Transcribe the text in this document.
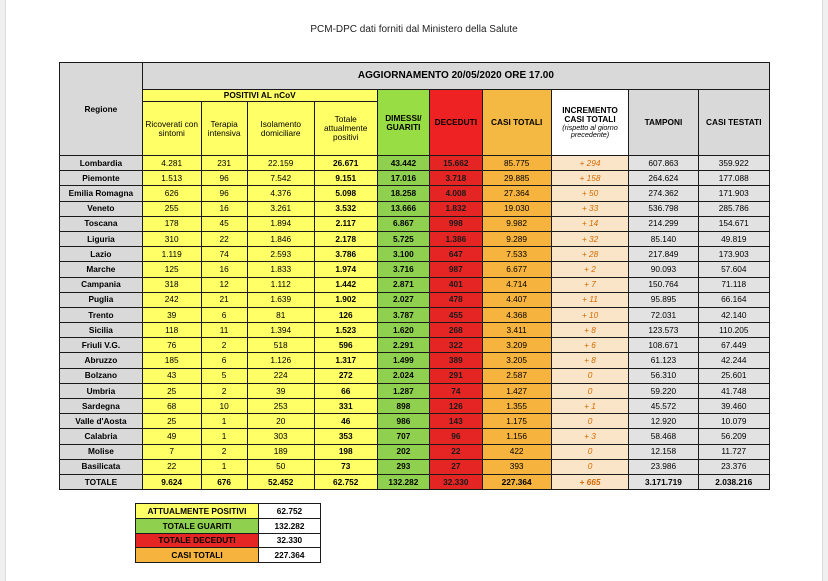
PCM-DPC dati forniti dal Ministero della Salute
Regione	AGGIORNAMENTO 20/05/2020 ORE 17.00									
	POSITIVI AL nCoV				DIMESSI/ GUARITI	DECEDUTI	CASI TOTALI	INCREMENTO CASI TOTALI
(rispetto al giorno precedente)	TAMPONI	CASI TESTATI
	Ricoverati con sintomi	Terapia intensiva	Isolamento domiciliare	Totale attualmente positivi						
Lombardia	4.281	231	22.159	26.671	43.442	15.662	85.775	+ 294	607.863	359.922
Piemonte	1.513	96	7.542	9.151	17.016	3.718	29.885	+ 158	264.624	177.088
Emilia Romagna	626	96	4.376	5.098	18.258	4.008	27.364	+ 50	274.362	171.903
Veneto	255	16	3.261	3.532	13.666	1.832	19.030	+ 33	536.798	285.786
Toscana	178	45	1.894	2.117	6.867	998	9.982	+ 14	214.299	154.671
Liguria	310	22	1.846	2.178	5.725	1.386	9.289	+ 32	85.140	49.819
Lazio	1.119	74	2.593	3.786	3.100	647	7.533	+ 28	217.849	173.903
Marche	125	16	1.833	1.974	3.716	987	6.677	+ 2	90.093	57.604
Campania	318	12	1.112	1.442	2.871	401	4.714	+ 7	150.764	71.118
Puglia	242	21	1.639	1.902	2.027	478	4.407	+ 11	95.895	66.164
Trento	39	6	81	126	3.787	455	4.368	+ 10	72.031	42.140
Sicilia	118	11	1.394	1.523	1.620	268	3.411	+ 8	123.573	110.205
Friuli V.G.	76	2	518	596	2.291	322	3.209	+ 6	108.671	67.449
Abruzzo	185	6	1.126	1.317	1.499	389	3.205	+ 8	61.123	42.244
Bolzano	43	5	224	272	2.024	291	2.587	0	56.310	25.601
Umbria	25	2	39	66	1.287	74	1.427	0	59.220	41.748
Sardegna	68	10	253	331	898	126	1.355	+ 1	45.572	39.460
Valle d'Aosta	25	1	20	46	986	143	1.175	0	12.920	10.079
Calabria	49	1	303	353	707	96	1.156	+ 3	58.468	56.209
Molise	7	2	189	198	202	22	422	0	12.158	11.727
Basilicata	22	1	50	73	293	27	393	0	23.986	23.376
TOTALE	9.624	676	52.452	62.752	132.282	32.330	227.364	+ 665	3.171.719	2.038.216
ATTUALMENTE POSITIVI	62.752
TOTALE GUARITI	132.282
TOTALE DECEDUTI	32.330
CASI TOTALI	227.364
